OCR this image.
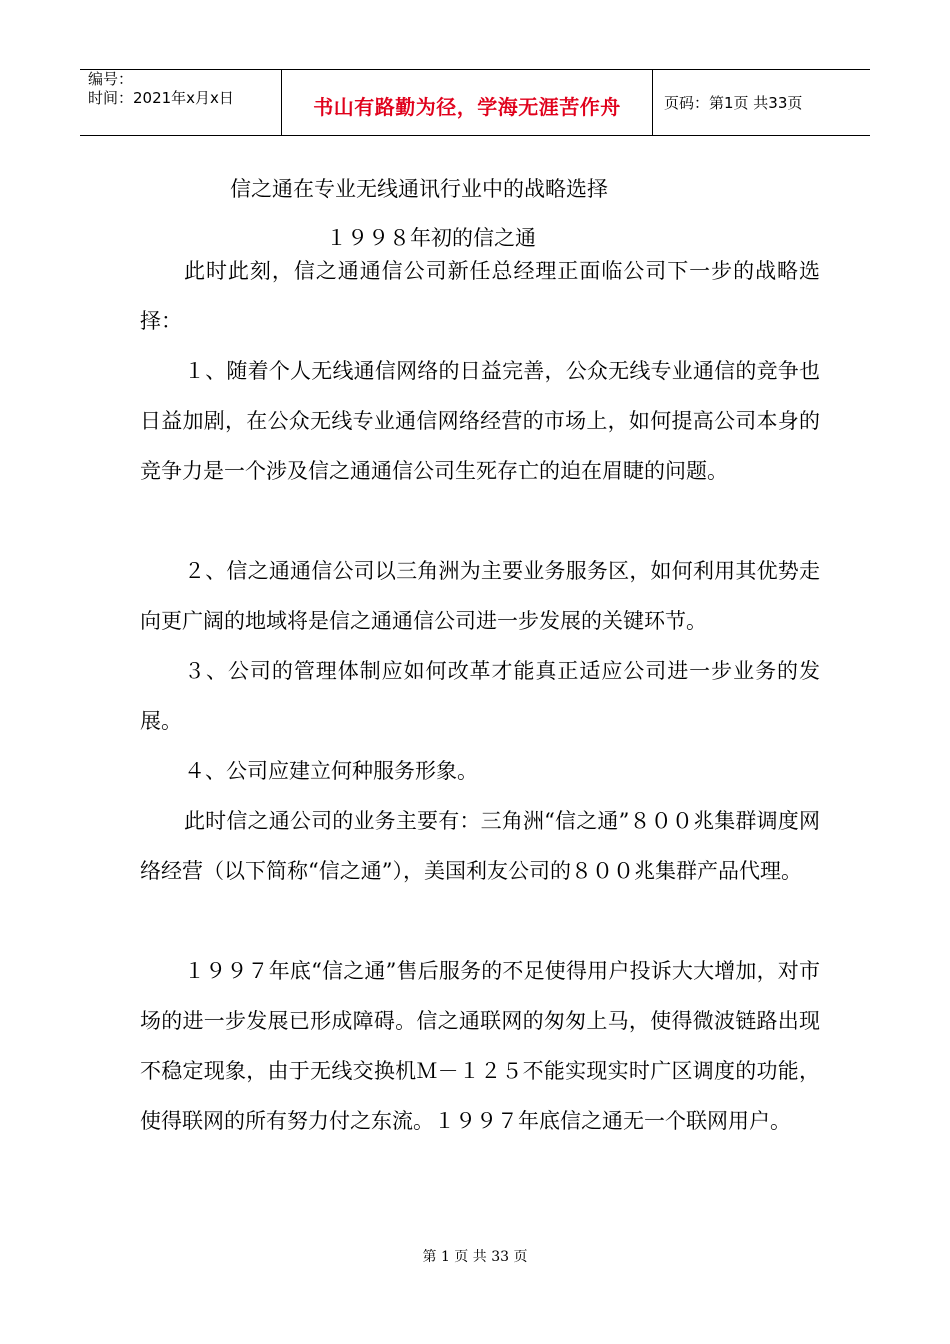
编号：
时间：2021年x月x日	书山有路勤为径，学海无涯苦作舟	页码：第1页 共33页
信之通在专业无线通讯行业中的战略选择
１９９８年初的信之通

此时此刻，信之通通信公司新任总经理正面临公司下一步的战略选择：

１、随着个人无线通信网络的日益完善，公众无线专业通信的竞争也日益加剧，在公众无线专业通信网络经营的市场上，如何提高公司本身的竞争力是一个涉及信之通通信公司生死存亡的迫在眉睫的问题。

２、信之通通信公司以三角洲为主要业务服务区，如何利用其优势走向更广阔的地域将是信之通通信公司进一步发展的关键环节。

３、公司的管理体制应如何改革才能真正适应公司进一步业务的发展。

４、公司应建立何种服务形象。

此时信之通公司的业务主要有：三角洲“信之通”８００兆集群调度网络经营（以下简称“信之通”），美国利友公司的８００兆集群产品代理。

１９９７年底“信之通”售后服务的不足使得用户投诉大大增加，对市场的进一步发展已形成障碍。信之通联网的匆匆上马，使得微波链路出现不稳定现象，由于无线交换机Ｍ－１２５不能实现实时广区调度的功能，使得联网的所有努力付之东流。１９９７年底信之通无一个联网用户。

第 1 页 共 33 页
